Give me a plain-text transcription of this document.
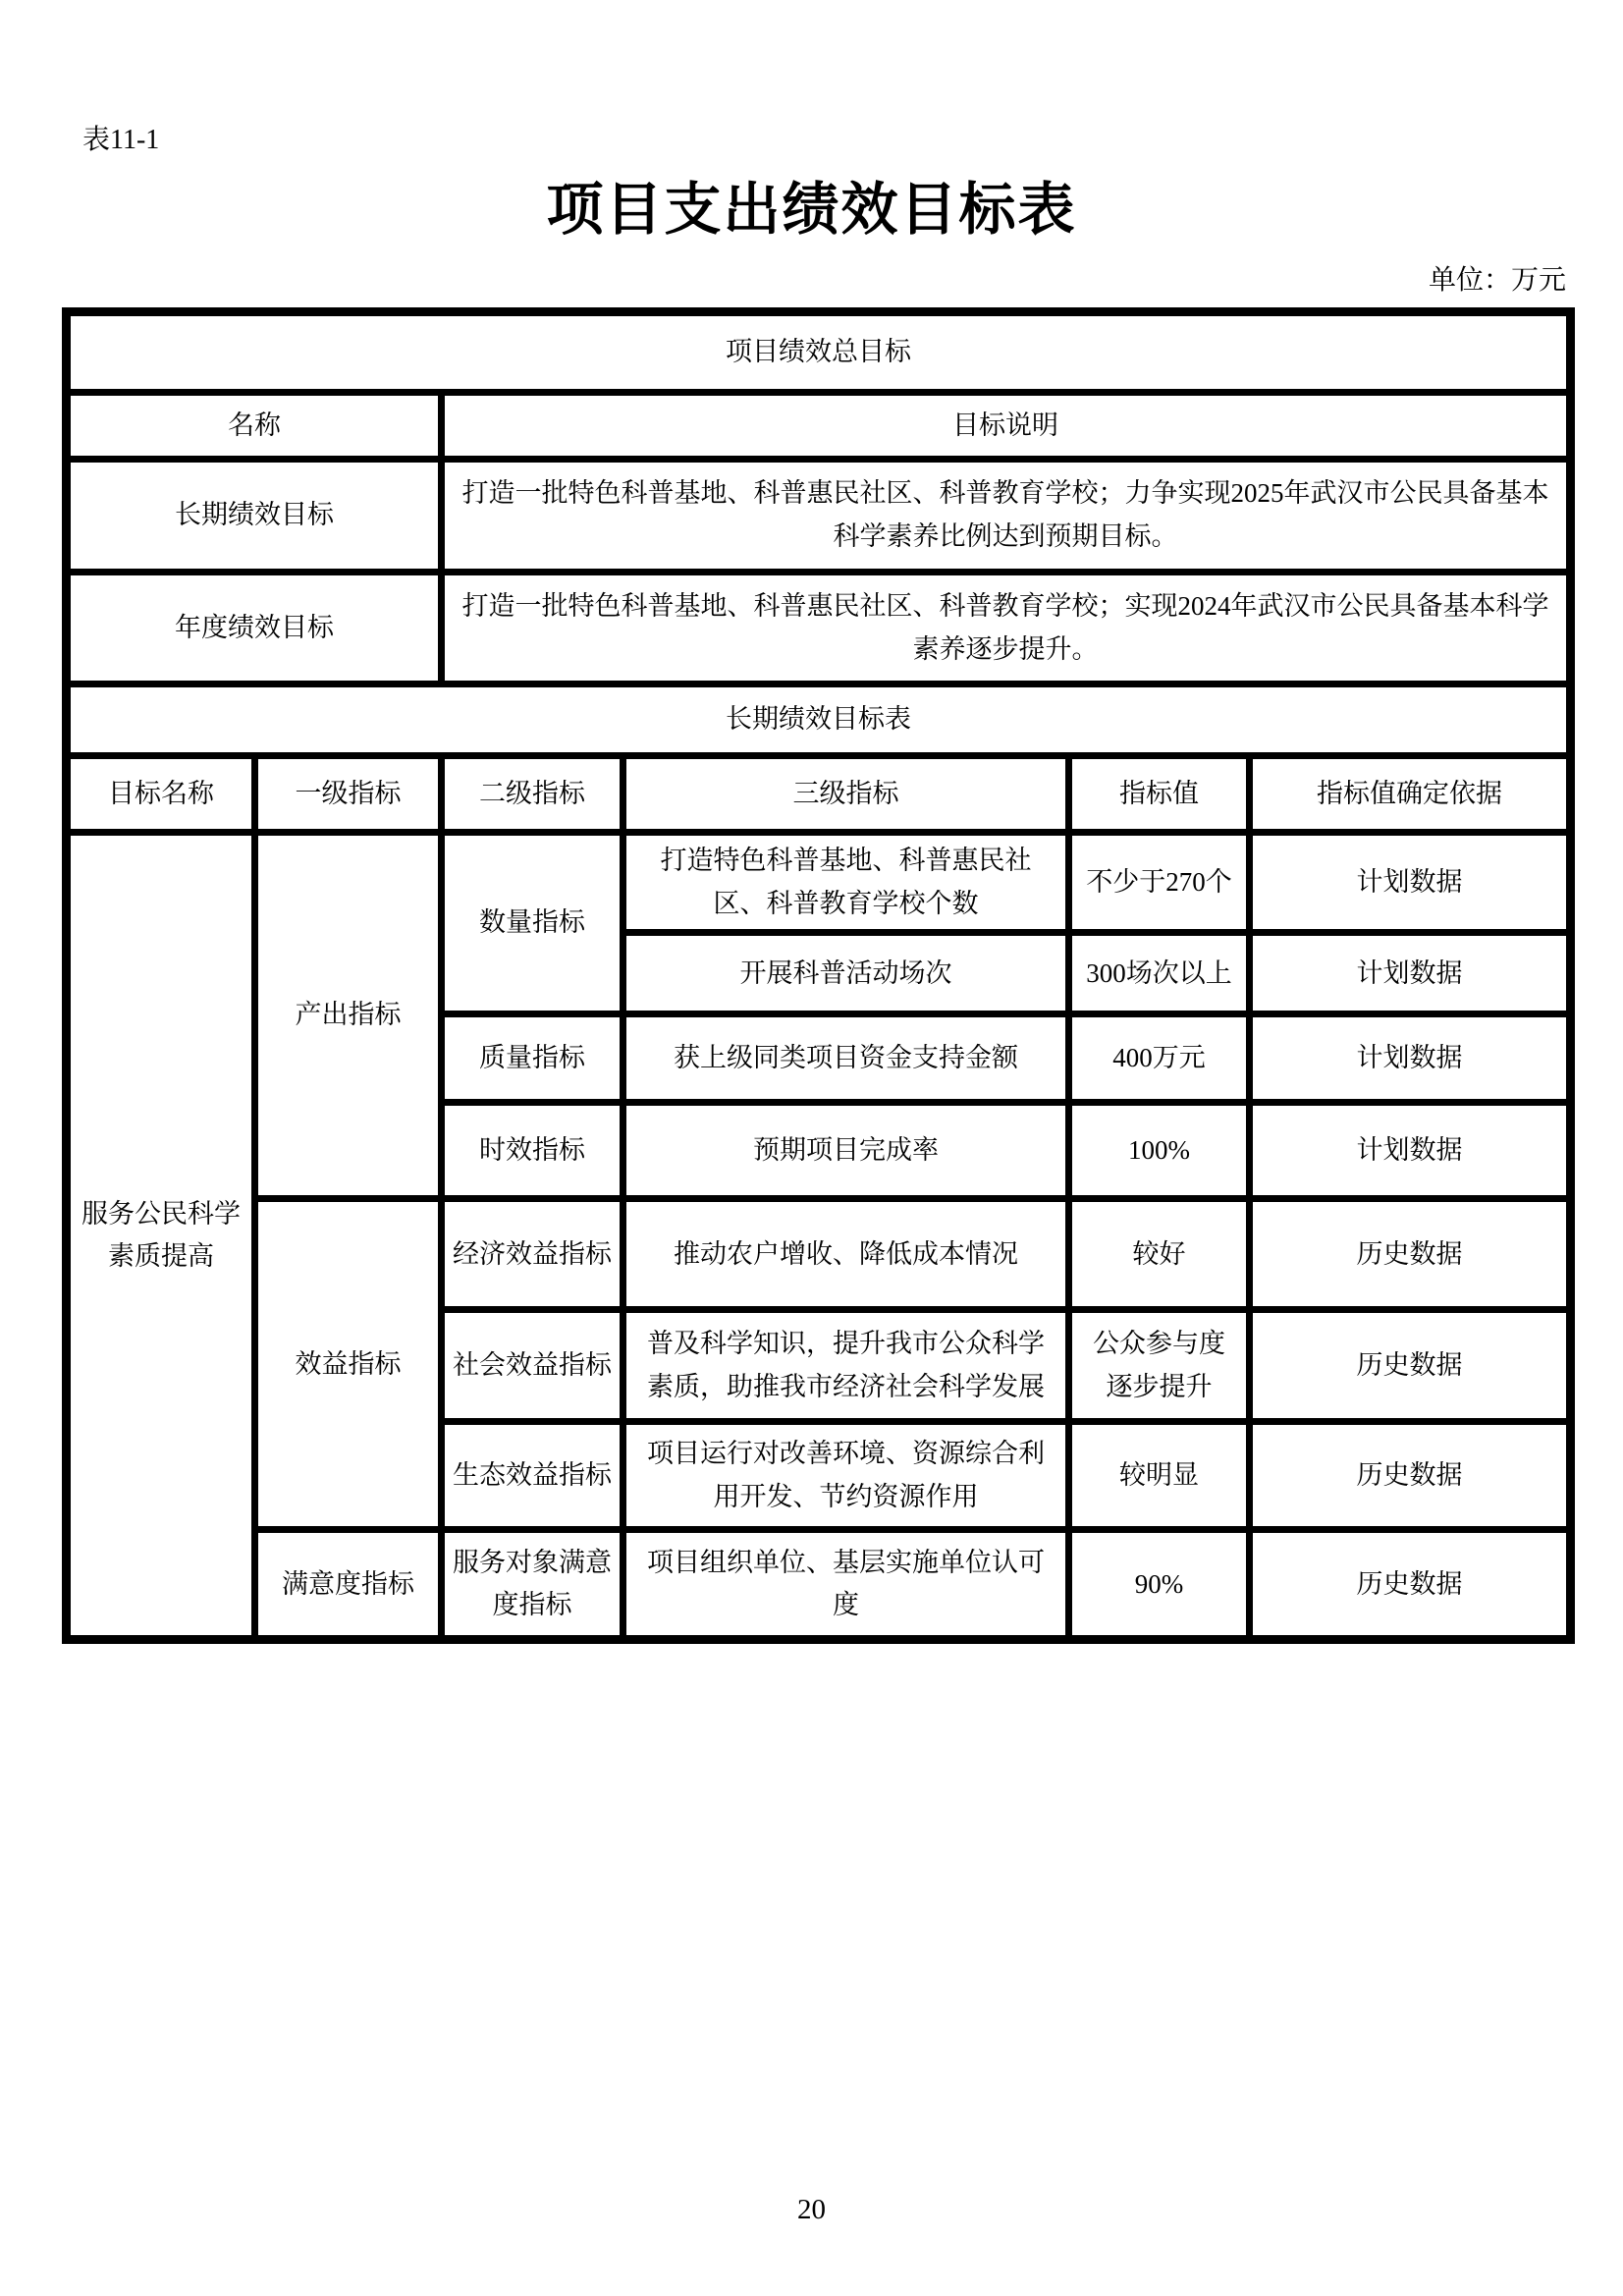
表11-1
项目支出绩效目标表
单位：万元
项目绩效总目标					
名称		目标说明			
长期绩效目标		打造一批特色科普基地、科普惠民社区、科普教育学校；力争实现2025年武汉市公民具备基本科学素养比例达到预期目标。			
年度绩效目标		打造一批特色科普基地、科普惠民社区、科普教育学校；实现2024年武汉市公民具备基本科学素养逐步提升。			
长期绩效目标表					
目标名称	一级指标	二级指标	三级指标	指标值	指标值确定依据
服务公民科学素质提高	产出指标	数量指标	打造特色科普基地、科普惠民社区、科普教育学校个数	不少于270个	计划数据
			开展科普活动场次	300场次以上	计划数据
		质量指标	获上级同类项目资金支持金额	400万元	计划数据
		时效指标	预期项目完成率	100%	计划数据
	效益指标	经济效益指标	推动农户增收、降低成本情况	较好	历史数据
		社会效益指标	普及科学知识，提升我市公众科学素质，助推我市经济社会科学发展	公众参与度逐步提升	历史数据
		生态效益指标	项目运行对改善环境、资源综合利用开发、节约资源作用	较明显	历史数据
	满意度指标	服务对象满意度指标	项目组织单位、基层实施单位认可度	90%	历史数据
20
